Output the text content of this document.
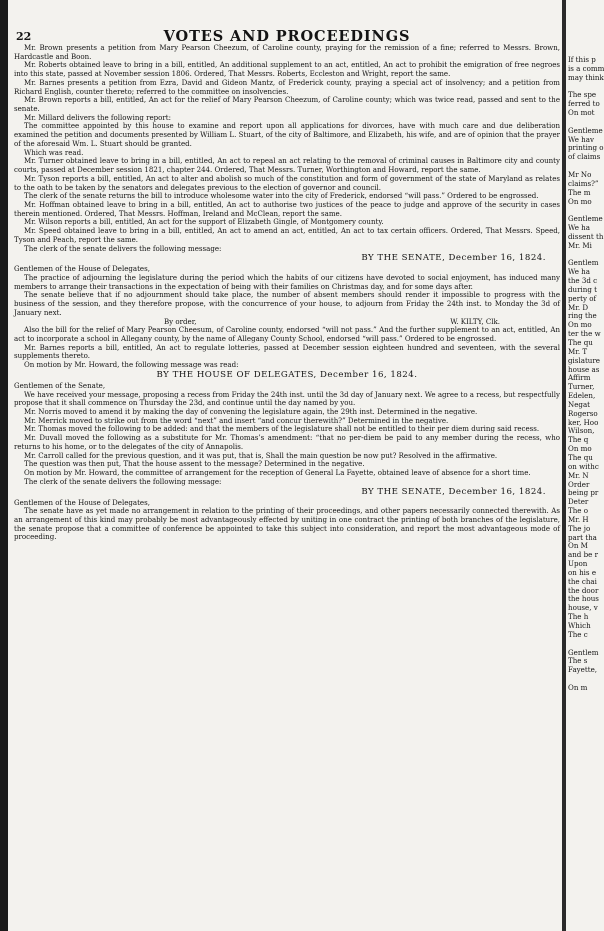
22	VOTES AND PROCEEDINGS

Mr. Brown presents a petition from Mary Pearson Cheezum, of Caroline county, praying for the remission of a fine; referred to Messrs. Brown, Hardcastle and Boon.

Mr. Roberts obtained leave to bring in a bill, entitled, An additional supplement to an act, entitled, An act to prohibit the emigration of free negroes into this state, passed at November session 1806. Ordered, That Messrs. Roberts, Eccleston and Wright, report the same.

Mr. Barnes presents a petition from Ezra, David and Gideon Mantz, of Frederick county, praying a special act of insolvency; and a petition from Richard English, counter thereto; referred to the committee on insolvencies.

Mr. Brown reports a bill, entitled, An act for the relief of Mary Pearson Cheezum, of Caroline county; which was twice read, passed and sent to the senate.

Mr. Millard delivers the following report:

The committee appointed by this house to examine and report upon all applications for divorces, have with much care and due deliberation examined the petition and documents presented by William L. Stuart, of the city of Baltimore, and Elizabeth, his wife, and are of opinion that the prayer of the aforesaid Wm. L. Stuart should be granted.

Which was read.

Mr. Turner obtained leave to bring in a bill, entitled, An act to repeal an act relating to the removal of criminal causes in Baltimore city and county courts, passed at December session 1821, chapter 244. Ordered, That Messrs. Turner, Worthington and Howard, report the same.

Mr. Tyson reports a bill, entitled, An act to alter and abolish so much of the constitution and form of government of the state of Maryland as relates to the oath to be taken by the senators and delegates previous to the election of governor and council.

The clerk of the senate returns the bill to introduce wholesome water into the city of Frederick, endorsed “will pass.” Ordered to be engrossed.

Mr. Hoffman obtained leave to bring in a bill, entitled, An act to authorise two justices of the peace to judge and approve of the security in cases therein mentioned. Ordered, That Messrs. Hoffman, Ireland and McClean, report the same.

Mr. Wilson reports a bill, entitled, An act for the support of Elizabeth Gingle, of Montgomery county.

Mr. Speed obtained leave to bring in a bill, entitled, An act to amend an act, entitled, An act to tax certain officers. Ordered, That Messrs. Speed, Tyson and Peach, report the same.

The clerk of the senate delivers the following message:

BY THE SENATE, December 16, 1824.

Gentlemen of the House of Delegates,

The practice of adjourning the legislature during the period which the habits of our citizens have devoted to social enjoyment, has induced many members to arrange their transactions in the expectation of being with their families on Christmas day, and for some days after.

The senate believe that if no adjournment should take place, the number of absent members should render it impossible to progress with the business of the session, and they therefore propose, with the concurrence of your house, to adjourn from Friday the 24th inst. to Monday the 3d of January next.

By order,	W. KILTY, Clk.

Also the bill for the relief of Mary Pearson Cheesum, of Caroline county, endorsed “will not pass.” And the further supplement to an act, entitled, An act to incorporate a school in Allegany county, by the name of Allegany County School, endorsed “will pass.” Ordered to be engrossed.

Mr. Barnes reports a bill, entitled, An act to regulate lotteries, passed at December session eighteen hundred and seventeen, with the several supplements thereto.

On motion by Mr. Howard, the following message was read:

BY THE HOUSE OF DELEGATES, December 16, 1824.

Gentlemen of the Senate,

We have received your message, proposing a recess from Friday the 24th inst. until the 3d day of January next. We agree to a recess, but respectfully propose that it shall commence on Thursday the 23d, and continue until the day named by you.

Mr. Norris moved to amend it by making the day of convening the legislature again, the 29th inst. Determined in the negative.

Mr. Merrick moved to strike out from the word “next” and insert “and concur therewith?” Determined in the negative.

Mr. Thomas moved the following to be added: and that the members of the legislature shall not be entitled to their per diem during said recess.

Mr. Duvall moved the following as a substitute for Mr. Thomas’s amendment: “that no per-diem be paid to any member during the recess, who returns to his home, or to the delegates of the city of Annapolis.

Mr. Carroll called for the previous question, and it was put, that is, Shall the main question be now put? Resolved in the affirmative.

The question was then put, That the house assent to the message? Determined in the negative.

On motion by Mr. Howard, the committee of arrangement for the reception of General La Fayette, obtained leave of absence for a short time.

The clerk of the senate delivers the following message:

BY THE SENATE, December 16, 1824.

Gentlemen of the House of Delegates,

The senate have as yet made no arrangement in relation to the printing of their proceedings, and other papers necessarily connected therewith. As an arrangement of this kind may probably be most advantageously effected by uniting in one contract the printing of both branches of the legislature, the senate propose that a committee of conference be appointed to take this subject into consideration, and report the most advantageous mode of proceeding.

If this p
is a comm
may think

The spe
ferred to
On mot

Gentleme
We hav
printing o
of claims

Mr No
claims?”
The m
On mo

Gentleme
We ha
dissent th
Mr. Mi

Gentlem
We ha
the 3d c
during t
perty of
Mr. D
ring the
On mo
ter the w
The qu
Mr. T
gislature
house as
Affirm
Turner,
Edelen,
Negat
Rogerso
ker, Hoo
Wilson,
The q
On mo
The qu
on withc
Mr. N
Order
being pr
Deter
The o
Mr. H
The jo
part tha
On M
and be r
Upon
on his e
the chai
the door
the hous
house, v
The h
Which
The c

Gentlem
The s
Fayette,

On m
